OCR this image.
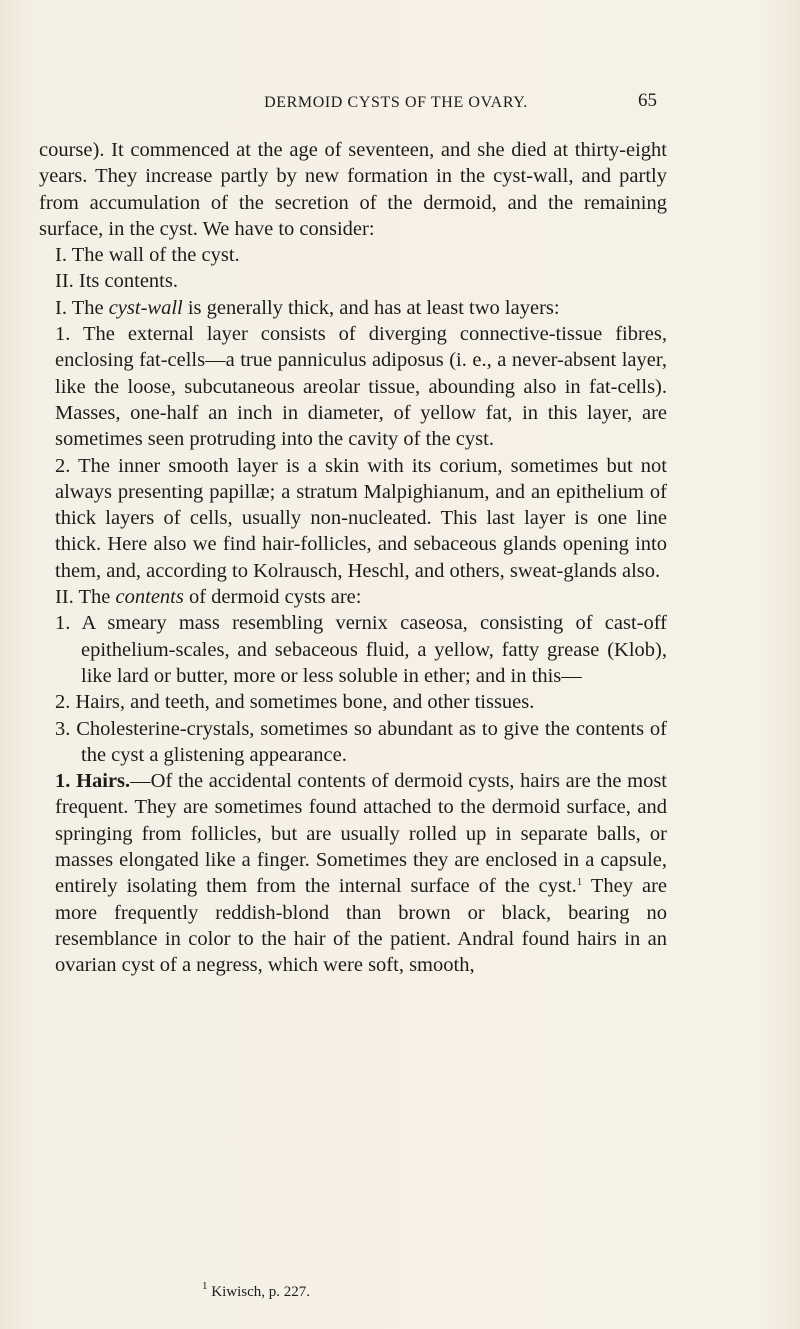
DERMOID CYSTS OF THE OVARY.	65

course). It commenced at the age of seventeen, and she died at thirty-eight years. They increase partly by new formation in the cyst-wall, and partly from accumulation of the secretion of the dermoid, and the remaining surface, in the cyst. We have to consider:

I. The wall of the cyst.

II. Its contents.

I. The cyst-wall is generally thick, and has at least two layers:

1. The external layer consists of diverging connective-tissue fibres, enclosing fat-cells—a true panniculus adiposus (i. e., a never-absent layer, like the loose, subcutaneous areolar tissue, abounding also in fat-cells). Masses, one-half an inch in diameter, of yellow fat, in this layer, are sometimes seen protruding into the cavity of the cyst.

2. The inner smooth layer is a skin with its corium, sometimes but not always presenting papillæ; a stratum Malpighianum, and an epithelium of thick layers of cells, usually non-nucleated. This last layer is one line thick. Here also we find hair-follicles, and sebaceous glands opening into them, and, according to Kolrausch, Heschl, and others, sweat-glands also.

II. The contents of dermoid cysts are:

1. A smeary mass resembling vernix caseosa, consisting of cast-off epithelium-scales, and sebaceous fluid, a yellow, fatty grease (Klob), like lard or butter, more or less soluble in ether; and in this—

2. Hairs, and teeth, and sometimes bone, and other tissues.

3. Cholesterine-crystals, sometimes so abundant as to give the contents of the cyst a glistening appearance.

1. Hairs.—Of the accidental contents of dermoid cysts, hairs are the most frequent. They are sometimes found attached to the dermoid surface, and springing from follicles, but are usually rolled up in separate balls, or masses elongated like a finger. Sometimes they are enclosed in a capsule, entirely isolating them from the internal surface of the cyst.$^1$ They are more frequently reddish-blond than brown or black, bearing no resemblance in color to the hair of the patient. Andral found hairs in an ovarian cyst of a negress, which were soft, smooth,

$^1$ Kiwisch, p. 227.
